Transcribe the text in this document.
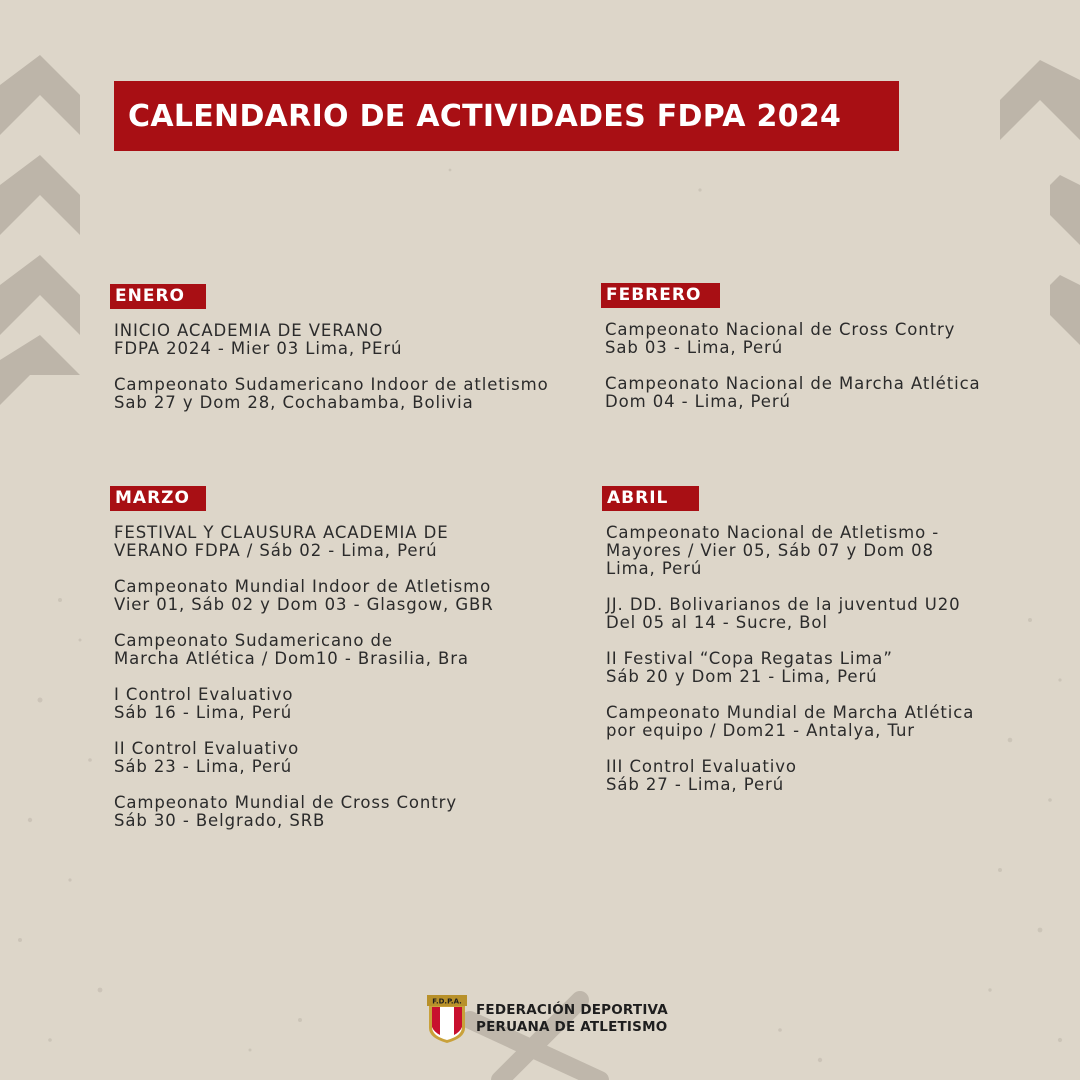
CALENDARIO DE ACTIVIDADES FDPA 2024
ENERO
INICIO ACADEMIA DE VERANO
FDPA 2024 - Mier 03 Lima, PErú
Campeonato Sudamericano Indoor de atletismo
Sab 27 y Dom 28, Cochabamba, Bolivia
FEBRERO
Campeonato Nacional de Cross Contry
Sab 03 - Lima, Perú
Campeonato Nacional de Marcha Atlética
Dom 04 - Lima, Perú
MARZO
FESTIVAL Y CLAUSURA ACADEMIA DE
VERANO FDPA / Sáb 02 - Lima, Perú
Campeonato Mundial Indoor de Atletismo
Vier 01, Sáb 02 y Dom 03 - Glasgow, GBR
Campeonato Sudamericano de
Marcha Atlética / Dom10 - Brasilia, Bra
I Control Evaluativo
Sáb 16 - Lima, Perú
II Control Evaluativo
Sáb 23 - Lima, Perú
Campeonato Mundial de Cross Contry
Sáb 30 - Belgrado, SRB
ABRIL
Campeonato Nacional de Atletismo -
Mayores / Vier 05, Sáb 07 y Dom 08
Lima, Perú
JJ. DD. Bolivarianos de la juventud U20
Del 05 al 14 - Sucre, Bol
II Festival “Copa Regatas Lima”
Sáb 20 y Dom 21 - Lima, Perú
Campeonato Mundial de Marcha Atlética
por equipo / Dom21 - Antalya, Tur
III Control Evaluativo
Sáb 27 - Lima, Perú
F.D.P.A.
FEDERACIÓN DEPORTIVA
PERUANA DE ATLETISMO
